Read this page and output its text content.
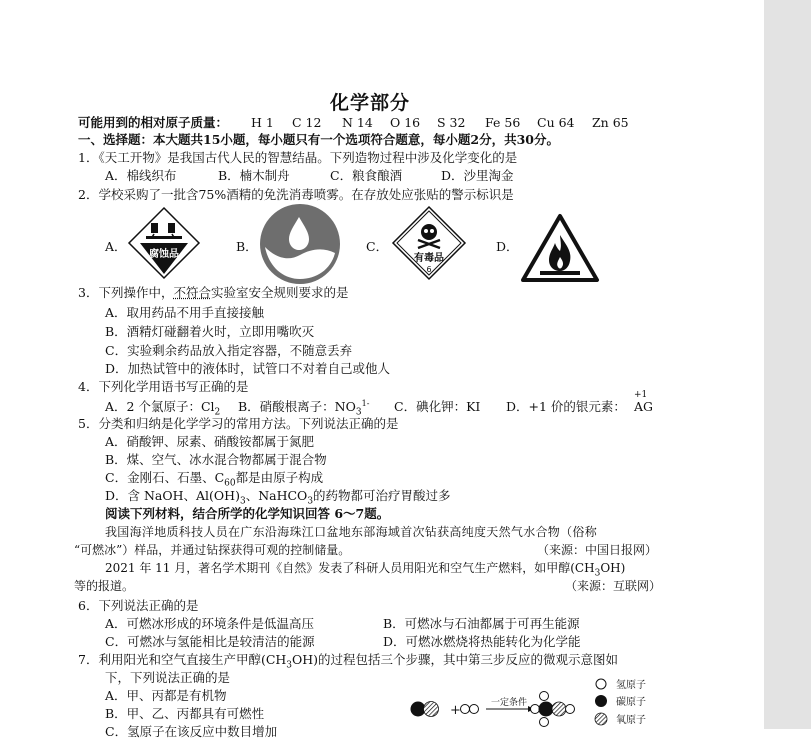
化学部分
可能用到的相对原子质量： H 1 C 12 N 14 O 16 S 32 Fe 56 Cu 64 Zn 65
一、选择题：本大题共15小题，每小题只有一个选项符合题意，每小题2分，共30分。
1．《天工开物》是我国古代人民的智慧结晶。下列造物过程中涉及化学变化的是
A．棉线织布	B．楠木制舟	C．粮食酿酒	D．沙里淘金
2．学校采购了一批含75%酒精的免洗消毒喷雾。在存放处应张贴的警示标识是
A．
腐蚀品
B．	C．
有毒品
6
D．
3．下列操作中，不符合实验室安全规则要求的是
A．取用药品不用手直接接触
B．酒精灯碰翻着火时，立即用嘴吹灭
C．实验剩余药品放入指定容器，不随意丢弃
D．加热试管中的液体时，试管口不对着自己或他人
4．下列化学用语书写正确的是
A．2 个氯原子：$Cl_2$ B．硝酸根离子：$NO_3^{1-}$ C．碘化钾：KI D．+1 价的银元素：
+1
AG
5．分类和归纳是化学学习的常用方法。下列说法正确的是
A．硝酸钾、尿素、硝酸铵都属于氮肥
B．煤、空气、冰水混合物都属于混合物
C．金刚石、石墨、$C_{60}$都是由原子构成
D．含 NaOH、$Al(OH)_3$、NaHCO$_3$的药物都可治疗胃酸过多
阅读下列材料，结合所学的化学知识回答 6～7题。
我国海洋地质科技人员在广东沿海珠江口盆地东部海域首次钻获高纯度天然气水合物（俗称
“可燃冰”）样品，并通过钻探获得可观的控制储量。	（来源：中国日报网）
2021 年 11 月，著名学术期刊《自然》发表了科研人员用阳光和空气生产燃料，如甲醇$(CH_3OH)$
等的报道。	（来源：互联网）
6．下列说法正确的是
A．可燃冰形成的环境条件是低温高压	B．可燃冰与石油都属于可再生能源
C．可燃冰与氢能相比是较清洁的能源	D．可燃冰燃烧将热能转化为化学能
7．利用阳光和空气直接生产甲醇$(CH_3OH)$的过程包括三个步骤，其中第三步反应的微观示意图如
下，下列说法正确的是
A．甲、丙都是有机物
B．甲、乙、丙都具有可燃性
C．氢原子在该反应中数目增加
+	一定条件
氢原子
碳原子
氧原子
